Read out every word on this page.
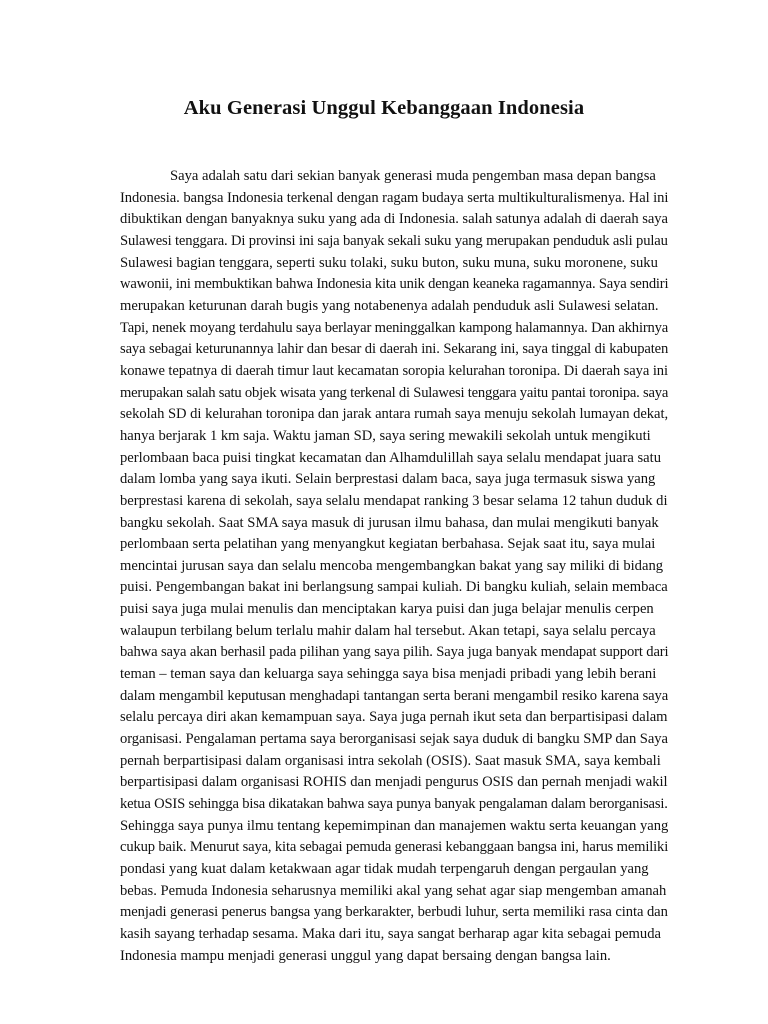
Aku Generasi Unggul Kebanggaan Indonesia
Saya adalah satu dari sekian banyak generasi muda pengemban masa depan bangsa
Indonesia. bangsa Indonesia terkenal dengan ragam budaya serta multikulturalismenya. Hal ini
dibuktikan dengan banyaknya suku yang ada di Indonesia. salah satunya adalah di daerah saya
Sulawesi tenggara. Di provinsi ini saja banyak sekali suku yang merupakan penduduk asli pulau
Sulawesi bagian tenggara, seperti suku tolaki, suku buton, suku muna, suku moronene, suku
wawonii, ini membuktikan bahwa Indonesia kita unik dengan keaneka ragamannya. Saya sendiri
merupakan keturunan darah bugis yang notabenenya adalah penduduk asli Sulawesi selatan.
Tapi, nenek moyang terdahulu saya berlayar meninggalkan kampong halamannya. Dan akhirnya
saya sebagai keturunannya lahir dan besar di daerah ini. Sekarang ini, saya tinggal di kabupaten
konawe tepatnya di daerah timur laut kecamatan soropia kelurahan toronipa. Di daerah saya ini
merupakan salah satu objek wisata yang terkenal di Sulawesi tenggara yaitu pantai toronipa. saya
sekolah SD di kelurahan toronipa dan jarak antara rumah saya menuju sekolah lumayan dekat,
hanya berjarak 1 km saja. Waktu jaman SD, saya sering mewakili sekolah untuk mengikuti
perlombaan baca puisi tingkat kecamatan dan Alhamdulillah saya selalu mendapat juara satu
dalam lomba yang saya ikuti. Selain berprestasi dalam baca, saya juga termasuk siswa yang
berprestasi karena di sekolah, saya selalu mendapat ranking 3 besar selama 12 tahun duduk di
bangku sekolah. Saat SMA saya masuk di jurusan ilmu bahasa, dan mulai mengikuti banyak
perlombaan serta pelatihan yang menyangkut kegiatan berbahasa. Sejak saat itu, saya mulai
mencintai jurusan saya dan selalu mencoba mengembangkan bakat yang say miliki di bidang
puisi. Pengembangan bakat ini berlangsung sampai kuliah. Di bangku kuliah, selain membaca
puisi saya juga mulai menulis dan menciptakan karya puisi dan juga belajar menulis cerpen
walaupun terbilang belum terlalu mahir dalam hal tersebut. Akan tetapi, saya selalu percaya
bahwa saya akan berhasil pada pilihan yang saya pilih. Saya juga banyak mendapat support dari
teman – teman saya dan keluarga saya sehingga saya bisa menjadi pribadi yang lebih berani
dalam mengambil keputusan menghadapi tantangan serta berani mengambil resiko karena saya
selalu percaya diri akan kemampuan saya. Saya juga pernah ikut seta dan berpartisipasi dalam
organisasi. Pengalaman pertama saya berorganisasi sejak saya duduk di bangku SMP dan Saya
pernah berpartisipasi dalam organisasi intra sekolah (OSIS). Saat masuk SMA, saya kembali
berpartisipasi dalam organisasi ROHIS dan menjadi pengurus OSIS dan pernah menjadi wakil
ketua OSIS sehingga bisa dikatakan bahwa saya punya banyak pengalaman dalam berorganisasi.
Sehingga saya punya ilmu tentang kepemimpinan dan manajemen waktu serta keuangan yang
cukup baik. Menurut saya, kita sebagai pemuda generasi kebanggaan bangsa ini, harus memiliki
pondasi yang kuat dalam ketakwaan agar tidak mudah terpengaruh dengan pergaulan yang
bebas. Pemuda Indonesia seharusnya memiliki akal yang sehat agar siap mengemban amanah
menjadi generasi penerus bangsa yang berkarakter, berbudi luhur, serta memiliki rasa cinta dan
kasih sayang terhadap sesama. Maka dari itu, saya sangat berharap agar kita sebagai pemuda
Indonesia mampu menjadi generasi unggul yang dapat bersaing dengan bangsa lain.
